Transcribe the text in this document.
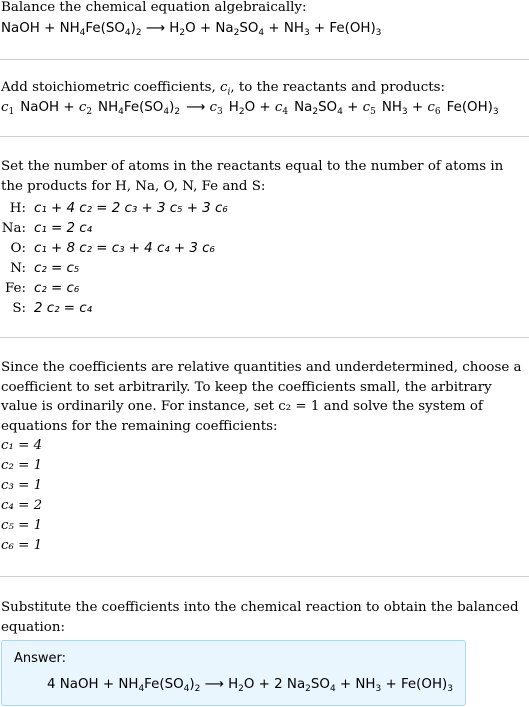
Balance the chemical equation algebraically:
NaOH + $NH_4Fe(SO_4)_2$ ⟶ $H_2O + Na_2SO_4 + NH_3 + Fe(OH)_3$
Add stoichiometric coefficients, $c_i$, to the reactants and products:
$c_1$ NaOH + $c_2$ $NH_4Fe(SO_4)_2$ ⟶ $c_3$ $H_2O + c_4$ $Na_2SO_4 + c_5$ $NH_3 + c_6$ $Fe(OH)_3$
Set the number of atoms in the reactants equal to the number of atoms in the products for H, Na, O, N, Fe and S:
H:	c₁ + 4 c₂ = 2 c₃ + 3 c₅ + 3 c₆
Na:	c₁ = 2 c₄
O:	c₁ + 8 c₂ = c₃ + 4 c₄ + 3 c₆
N:	c₂ = c₅
Fe:	c₂ = c₆
S:	2 c₂ = c₄
Since the coefficients are relative quantities and underdetermined, choose a coefficient to set arbitrarily. To keep the coefficients small, the arbitrary value is ordinarily one. For instance, set c₂ = 1 and solve the system of equations for the remaining coefficients:
c₁ = 4
c₂ = 1
c₃ = 1
c₄ = 2
c₅ = 1
c₆ = 1
Substitute the coefficients into the chemical reaction to obtain the balanced equation:
Answer:
4 NaOH + $NH_4Fe(SO_4)_2$ ⟶ $H_2O + 2$ $Na_2SO_4 + NH_3 + Fe(OH)_3$
